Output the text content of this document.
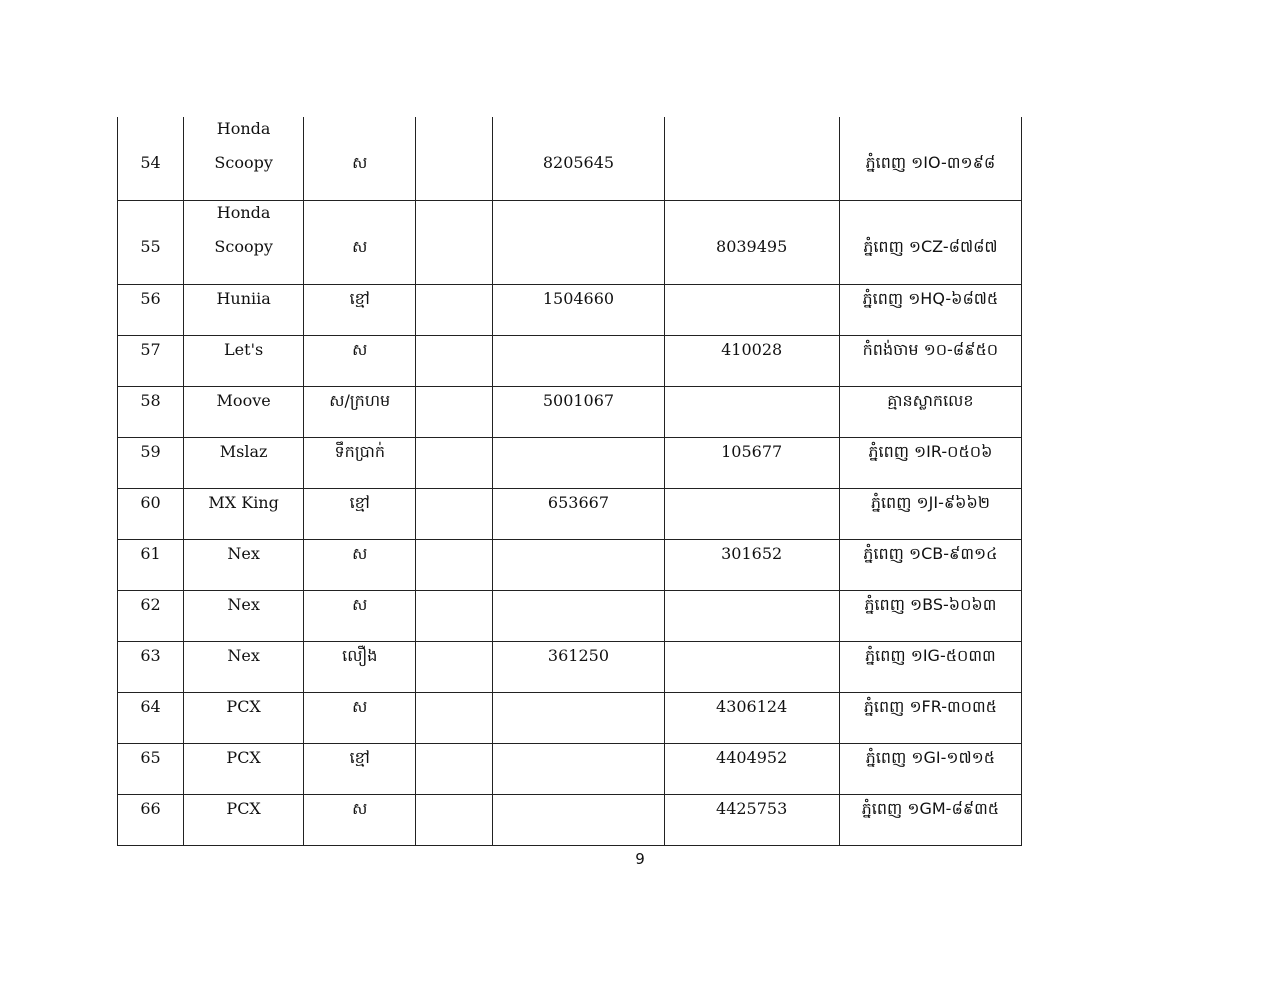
54	Honda
Scoopy	ស		8205645		ភ្នំពេញ ១IO-៣១៩៨

55	Honda
Scoopy	ស			8039495	ភ្នំពេញ ១CZ-៨៧៨៧

56	Huniia	ខ្មៅ		1504660		ភ្នំពេញ ១HQ-៦៨៧៥

57	Let's	ស			410028	កំពង់ចាម ១០-៨៩៥០

58	Moove	ស/ក្រហម		5001067		គ្មានស្លាកលេខ

59	Mslaz	ទឹកប្រាក់			105677	ភ្នំពេញ ១IR-០៥០៦

60	MX King	ខ្មៅ		653667		ភ្នំពេញ ១JI-៩៦៦២

61	Nex	ស			301652	ភ្នំពេញ ១CB-៩៣១៤

62	Nex	ស				ភ្នំពេញ ១BS-៦០៦៣

63	Nex	លឿង		361250		ភ្នំពេញ ១IG-៥០៣៣

64	PCX	ស			4306124	ភ្នំពេញ ១FR-៣០៣៥

65	PCX	ខ្មៅ			4404952	ភ្នំពេញ ១GI-១៧១៥

66	PCX	ស			4425753	ភ្នំពេញ ១GM-៨៩៣៥
9
